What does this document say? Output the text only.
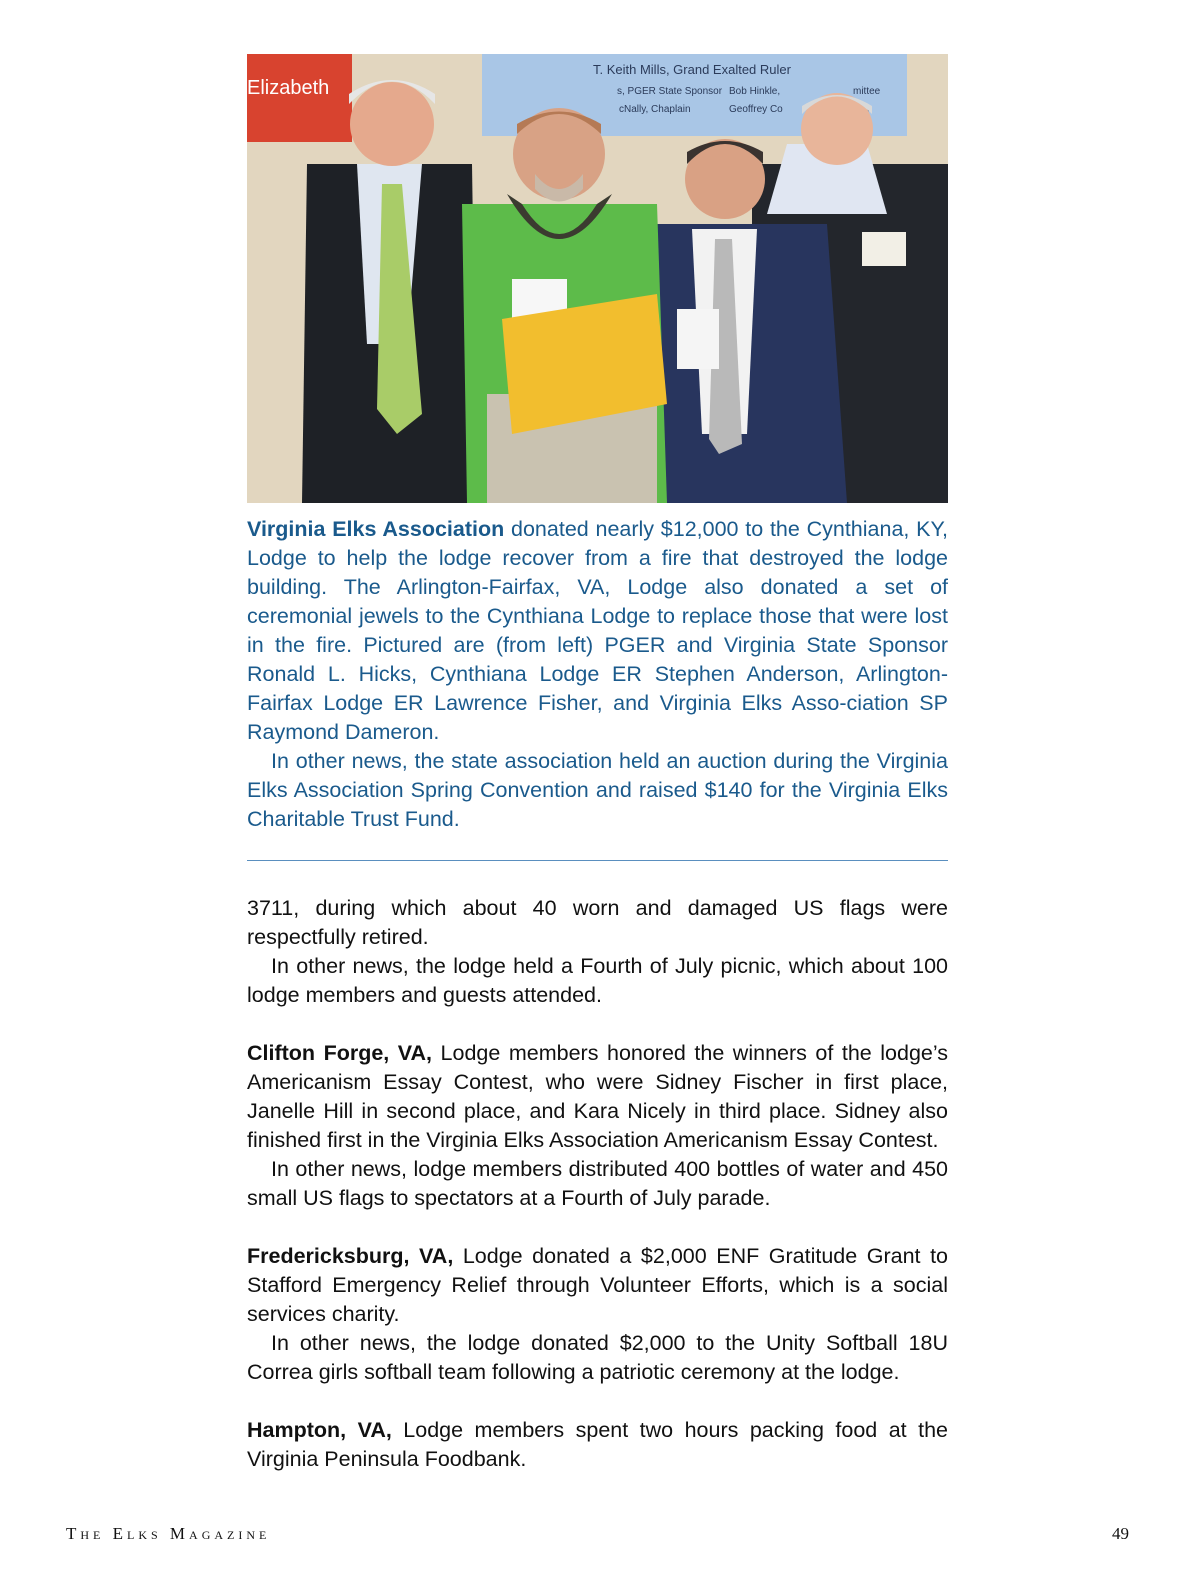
Elizabeth
T. Keith Mills, Grand Exalted Ruler
s, PGER State Sponsor Bob Hinkle,	mittee
cNally, Chaplain	Geoffrey Co

Virginia Elks Association donated nearly $12,000 to the Cynthiana, KY, Lodge to help the lodge recover from a fire that destroyed the lodge building. The Arlington-Fairfax, VA, Lodge also donated a set of ceremonial jewels to the Cynthiana Lodge to replace those that were lost in the fire. Pictured are (from left) PGER and Virginia State Sponsor Ronald L. Hicks, Cynthiana Lodge ER Stephen Anderson, Arlington-Fairfax Lodge ER Lawrence Fisher, and Virginia Elks Asso-ciation SP Raymond Dameron.

In other news, the state association held an auction during the Virginia Elks Association Spring Convention and raised $140 for the Virginia Elks Charitable Trust Fund.

3711, during which about 40 worn and damaged US flags were respectfully retired.

In other news, the lodge held a Fourth of July picnic, which about 100 lodge members and guests attended.

Clifton Forge, VA, Lodge members honored the winners of the lodge’s Americanism Essay Contest, who were Sidney Fischer in first place, Janelle Hill in second place, and Kara Nicely in third place. Sidney also finished first in the Virginia Elks Association Americanism Essay Contest.

In other news, lodge members distributed 400 bottles of water and 450 small US flags to spectators at a Fourth of July parade.

Fredericksburg, VA, Lodge donated a $2,000 ENF Gratitude Grant to Stafford Emergency Relief through Volunteer Efforts, which is a social services charity.

In other news, the lodge donated $2,000 to the Unity Softball 18U Correa girls softball team following a patriotic ceremony at the lodge.

Hampton, VA, Lodge members spent two hours packing food at the Virginia Peninsula Foodbank.

The Elks Magazine	49
